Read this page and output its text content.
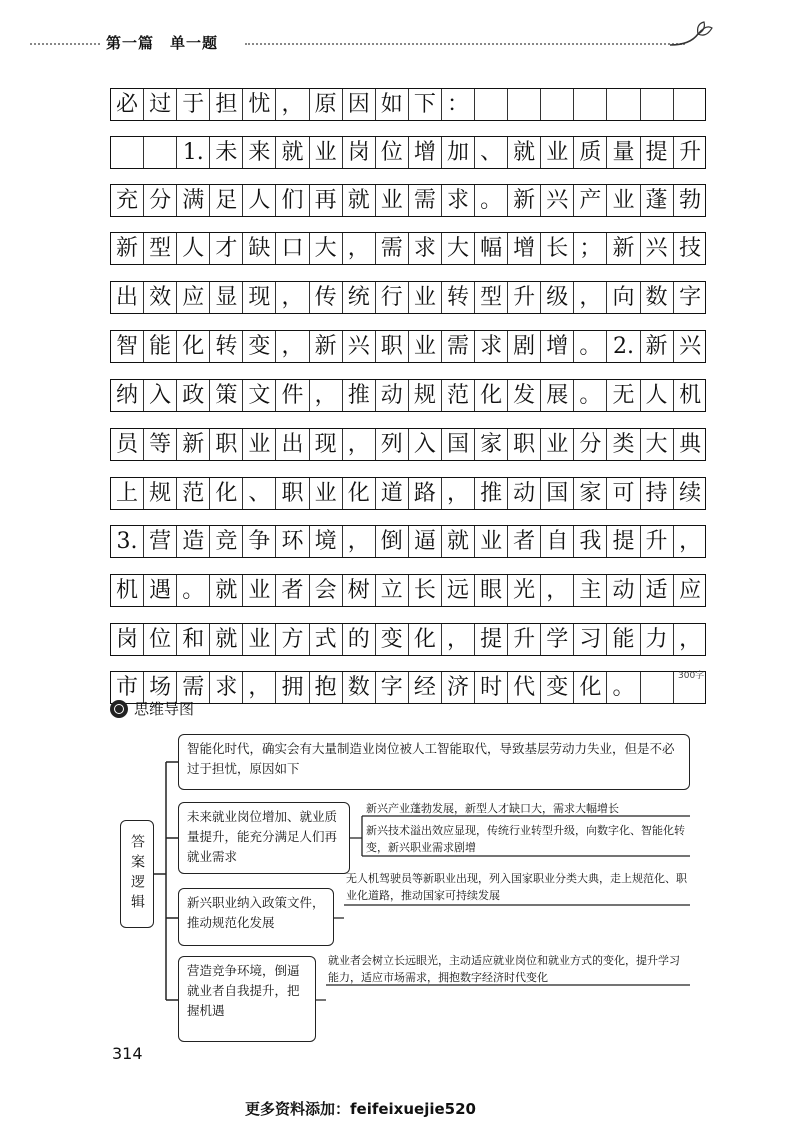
第一篇　单一题
必 过 于 担 忧 ， 原 因 如 下 ：
1. 未 来 就 业 岗 位 增 加 、 就 业 质 量 提 升
充 分 满 足 人 们 再 就 业 需 求 。 新 兴 产 业 蓬 勃
新 型 人 才 缺 口 大 ， 需 求 大 幅 增 长 ； 新 兴 技
出 效 应 显 现 ， 传 统 行 业 转 型 升 级 ， 向 数 字
智 能 化 转 变 ， 新 兴 职 业 需 求 剧 增 。 2. 新 兴
纳 入 政 策 文 件 ， 推 动 规 范 化 发 展 。 无 人 机
员 等 新 职 业 出 现 ， 列 入 国 家 职 业 分 类 大 典
上 规 范 化 、 职 业 化 道 路 ， 推 动 国 家 可 持 续
3. 营 造 竞 争 环 境 ， 倒 逼 就 业 者 自 我 提 升 ，
机 遇 。 就 业 者 会 树 立 长 远 眼 光 ， 主 动 适 应
岗 位 和 就 业 方 式 的 变 化 ， 提 升 学 习 能 力 ，
市 场 需 求 ， 拥 抱 数 字 经 济 时 代 变 化 。	300字
思维导图
答案逻辑
智能化时代，确实会有大量制造业岗位被人工智能取代，导致基层劳动力失业，但是不必过于担忧，原因如下
未来就业岗位增加、就业质量提升，能充分满足人们再就业需求
新兴产业蓬勃发展，新型人才缺口大，需求大幅增长
新兴技术溢出效应显现，传统行业转型升级，向数字化、智能化转变，新兴职业需求剧增
新兴职业纳入政策文件，推动规范化发展
无人机驾驶员等新职业出现，列入国家职业分类大典，走上规范化、职业化道路，推动国家可持续发展
营造竞争环境，倒逼就业者自我提升，把握机遇
就业者会树立长远眼光，主动适应就业岗位和就业方式的变化，提升学习能力，适应市场需求，拥抱数字经济时代变化
314
更多资料添加：feifeixuejie520
